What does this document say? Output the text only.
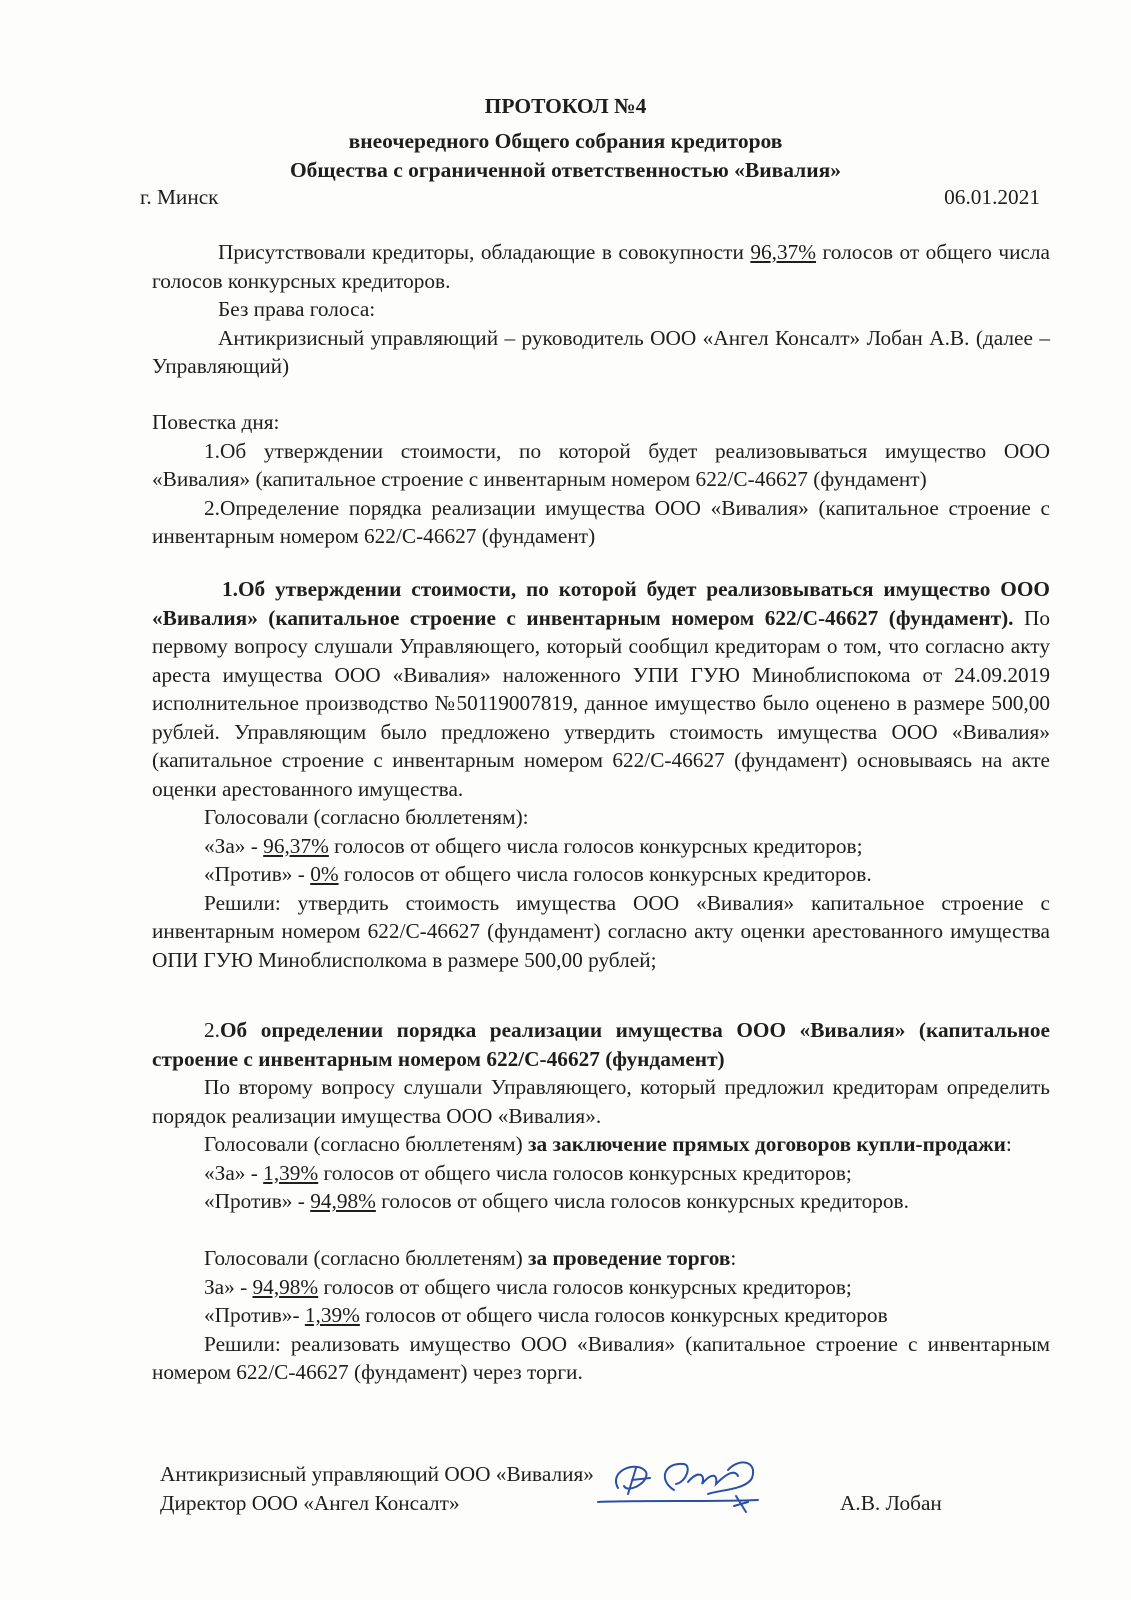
ПРОТОКОЛ №4
внеочередного Общего собрания кредиторов
Общества с ограниченной ответственностью «Вивалия»
г. Минск	06.01.2021

Присутствовали кредиторы, обладающие в совокупности 96,37% голосов от общего числа голосов конкурсных кредиторов.

Без права голоса:

Антикризисный управляющий – руководитель ООО «Ангел Консалт» Лобан А.В. (далее – Управляющий)

Повестка дня:

1.Об утверждении стоимости, по которой будет реализовываться имущество ООО «Вивалия» (капитальное строение с инвентарным номером 622/С-46627 (фундамент)

2.Определение порядка реализации имущества ООО «Вивалия» (капитальное строение с инвентарным номером 622/С-46627 (фундамент)

1.Об утверждении стоимости, по которой будет реализовываться имущество ООО «Вивалия» (капитальное строение с инвентарным номером 622/С-46627 (фундамент). По первому вопросу слушали Управляющего, который сообщил кредиторам о том, что согласно акту ареста имущества ООО «Вивалия» наложенного УПИ ГУЮ Миноблиспокома от 24.09.2019 исполнительное производство №50119007819, данное имущество было оценено в размере 500,00 рублей. Управляющим было предложено утвердить стоимость имущества ООО «Вивалия» (капитальное строение с инвентарным номером 622/С-46627 (фундамент) основываясь на акте оценки арестованного имущества.

Голосовали (согласно бюллетеням):

«За» - 96,37% голосов от общего числа голосов конкурсных кредиторов;

«Против» - 0% голосов от общего числа голосов конкурсных кредиторов.

Решили: утвердить стоимость имущества ООО «Вивалия» капитальное строение с инвентарным номером 622/С-46627 (фундамент) согласно акту оценки арестованного имущества ОПИ ГУЮ Миноблисполкома в размере 500,00 рублей;

2.Об определении порядка реализации имущества ООО «Вивалия» (капитальное строение с инвентарным номером 622/С-46627 (фундамент)

По второму вопросу слушали Управляющего, который предложил кредиторам определить порядок реализации имущества ООО «Вивалия».

Голосовали (согласно бюллетеням) за заключение прямых договоров купли-продажи:

«За» - 1,39% голосов от общего числа голосов конкурсных кредиторов;

«Против» - 94,98% голосов от общего числа голосов конкурсных кредиторов.

Голосовали (согласно бюллетеням) за проведение торгов:

За» - 94,98% голосов от общего числа голосов конкурсных кредиторов;

«Против»- 1,39% голосов от общего числа голосов конкурсных кредиторов

Решили: реализовать имущество ООО «Вивалия» (капитальное строение с инвентарным номером 622/С-46627 (фундамент) через торги.

Антикризисный управляющий ООО «Вивалия»
Директор ООО «Ангел Консалт»	А.В. Лобан
